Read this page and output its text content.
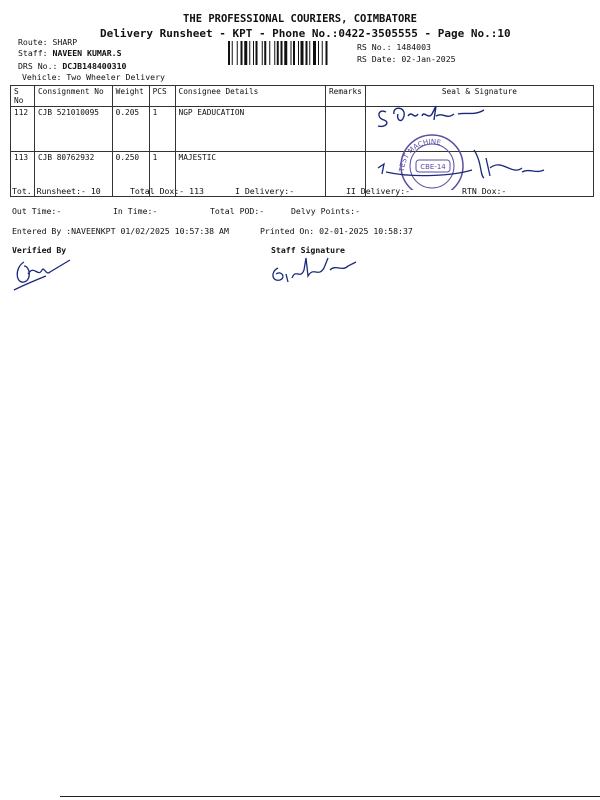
THE PROFESSIONAL COURIERS, COIMBATORE
Delivery Runsheet - KPT - Phone No.:0422-3505555 - Page No.:10
Route: SHARP
Staff: NAVEEN KUMAR.S
DRS No.: DCJB148400310
Vehicle: Two Wheeler Delivery
RS No.: 1484003
RS Date: 02-Jan-2025
S No	Consignment No	Weight	PCS	Consignee Details	Remarks	Seal & Signature
112	CJB 521010095	0.205	1	NGP EADUCATION		
113	CJB 80762932	0.250	1	MAJESTIC		
TEST MACHINE
CBE-14
Tot. Runsheet:- 10	Total Dox:- 113	I Delivery:-	II Delivery:-	RTN Dox:-
Out Time:-	In Time:-	Total POD:-	Delvy Points:-
Entered By :NAVEENKPT 01/02/2025 10:57:38 AM	Printed On: 02-01-2025 10:58:37
Verified By	Staff Signature
